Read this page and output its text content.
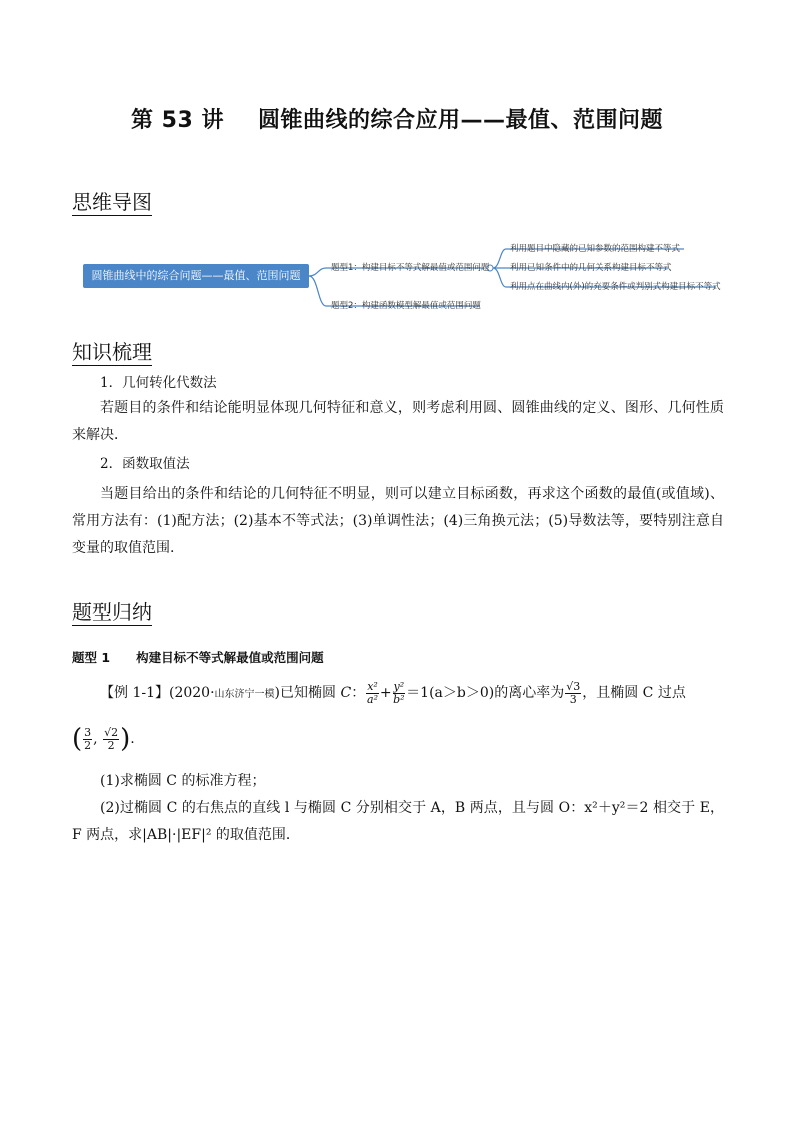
第 53 讲 圆锥曲线的综合应用——最值、范围问题
思维导图
圆锥曲线中的综合问题——最值、范围问题
题型1：构建目标不等式解最值或范围问题
题型2：构建函数模型解最值或范围问题
利用题目中隐藏的已知参数的范围构建不等式
利用已知条件中的几何关系构建目标不等式
利用点在曲线内(外)的充要条件或判别式构建目标不等式
知识梳理
1．几何转化代数法
若题目的条件和结论能明显体现几何特征和意义，则考虑利用圆、圆锥曲线的定义、图形、几何性质来解决．
2．函数取值法
当题目给出的条件和结论的几何特征不明显，则可以建立目标函数，再求这个函数的最值(或值域)、常用方法有：(1)配方法；(2)基本不等式法；(3)单调性法；(4)三角换元法；(5)导数法等，要特别注意自变量的取值范围.
题型归纳
题型 1 构建目标不等式解最值或范围问题
【例 1-1】(2020·山东济宁一模)已知椭圆 C： $\frac{\text{x²}}{\text{a²}} + \frac{\text{y²}}{\text{b²}} =1(a>b>0)$的离心率为 $\frac{√3}{3}$ ，且椭圆 C 过点
( $\frac{3}{2}$ , $\frac{√2}{2}$ ).
(1)求椭圆 C 的标准方程；
(2)过椭圆 C 的右焦点的直线 l 与椭圆 C 分别相交于 A，B 两点，且与圆 O：x²＋y²＝2 相交于 E，F 两点，求|AB|·|EF|² 的取值范围．
